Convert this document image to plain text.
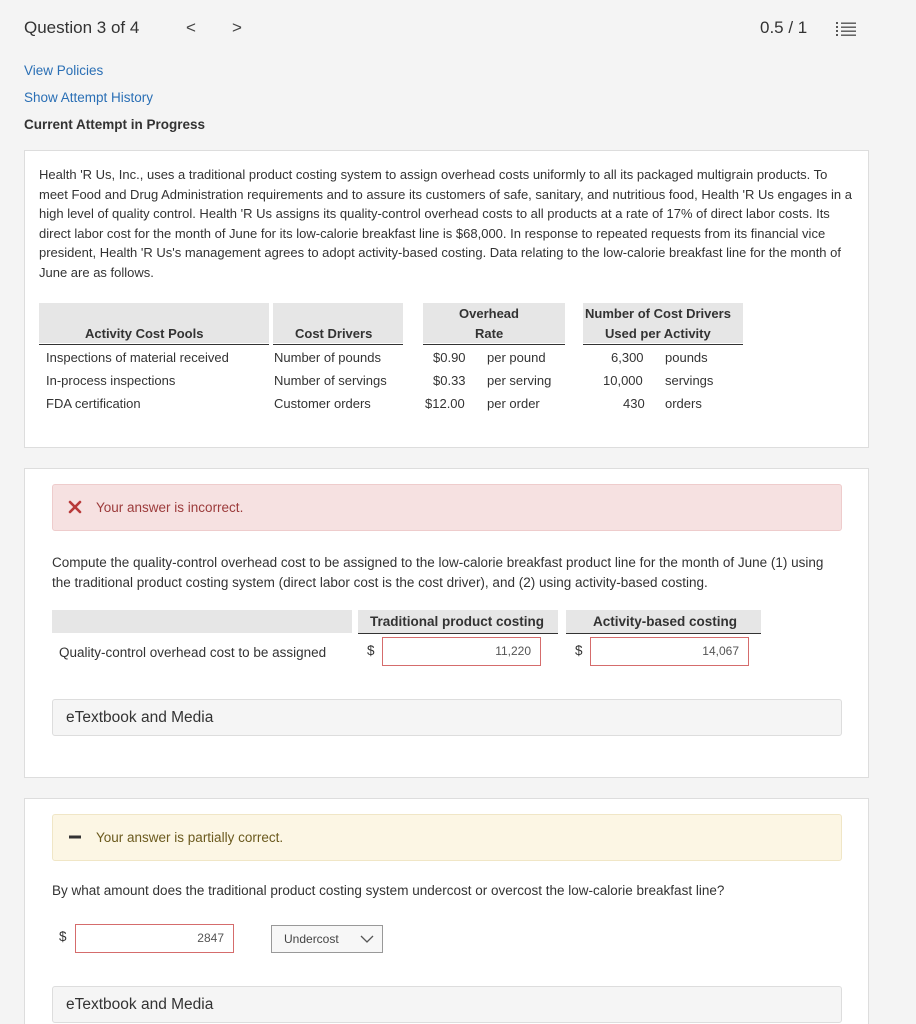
Question 3 of 4	< >	0.5 / 1
View Policies
Show Attempt History
Current Attempt in Progress
Health 'R Us, Inc., uses a traditional product costing system to assign overhead costs uniformly to all its packaged multigrain products. To meet Food and Drug Administration requirements and to assure its customers of safe, sanitary, and nutritious food, Health 'R Us engages in a high level of quality control. Health 'R Us assigns its quality-control overhead costs to all products at a rate of 17% of direct labor costs. Its direct labor cost for the month of June for its low-calorie breakfast line is $68,000. In response to repeated requests from its financial vice president, Health 'R Us's management agrees to adopt activity-based costing. Data relating to the low-calorie breakfast line for the month of June are as follows.
Activity Cost Pools	Cost Drivers
Overhead
Rate
Number of Cost Drivers
Used per Activity
Inspections of material received	Number of pounds	$0.90 per pound	6,300 pounds
In-process inspections	Number of servings	$0.33 per serving	10,000 servings
FDA certification	Customer orders	$12.00 per order	430 orders
Your answer is incorrect.
Compute the quality-control overhead cost to be assigned to the low-calorie breakfast product line for the month of June (1) using the traditional product costing system (direct labor cost is the cost driver), and (2) using activity-based costing.
Traditional product costing	Activity-based costing
Quality-control overhead cost to be assigned	$	11,220	$	14,067
eTextbook and Media
Your answer is partially correct.
By what amount does the traditional product costing system undercost or overcost the low-calorie breakfast line?
$	2847	Undercost
eTextbook and Media
